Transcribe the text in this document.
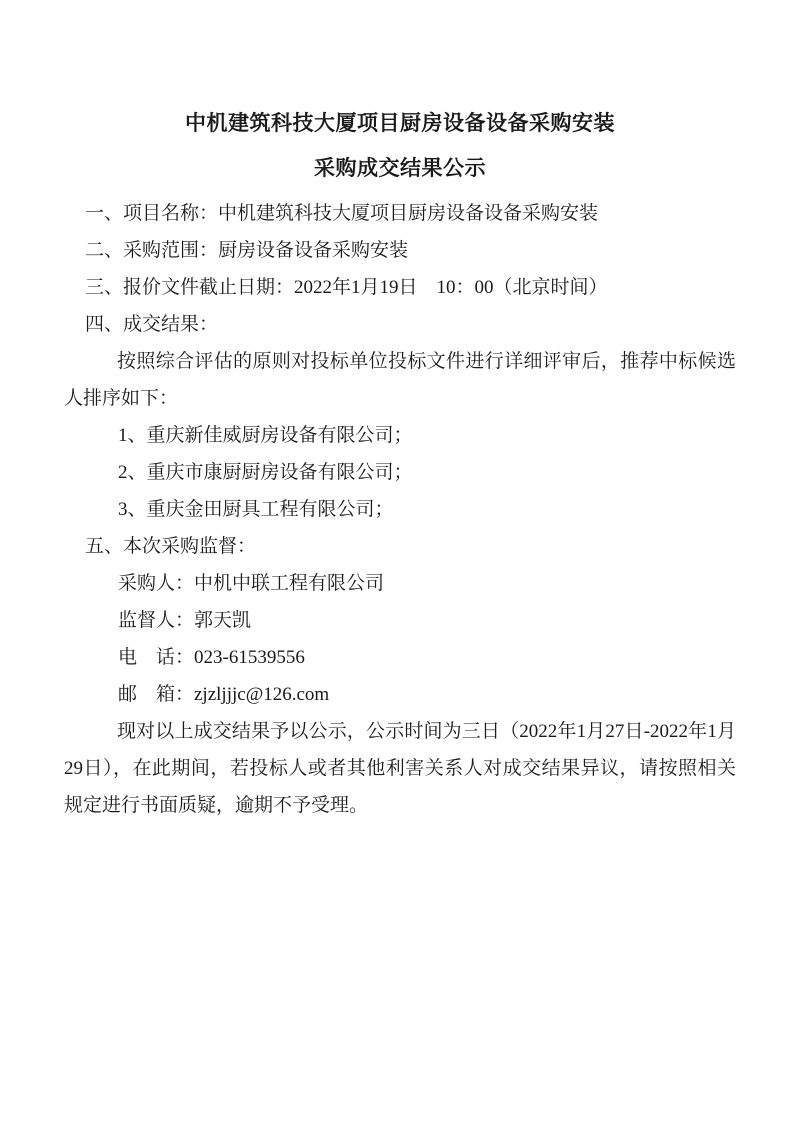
中机建筑科技大厦项目厨房设备设备采购安装
采购成交结果公示
一、项目名称：中机建筑科技大厦项目厨房设备设备采购安装
二、采购范围：厨房设备设备采购安装
三、报价文件截止日期：2022年1月19日　10：00（北京时间）
四、成交结果：
按照综合评估的原则对投标单位投标文件进行详细评审后，推荐中标候选人排序如下：
1、重庆新佳威厨房设备有限公司；
2、重庆市康厨厨房设备有限公司；
3、重庆金田厨具工程有限公司；
五、本次采购监督：
采购人：中机中联工程有限公司
监督人：郭天凯
电　话：023-61539556
邮　箱：zjzljjjc@126.com
现对以上成交结果予以公示，公示时间为三日（2022年1月27日-2022年1月29日），在此期间，若投标人或者其他利害关系人对成交结果异议，请按照相关规定进行书面质疑，逾期不予受理。
